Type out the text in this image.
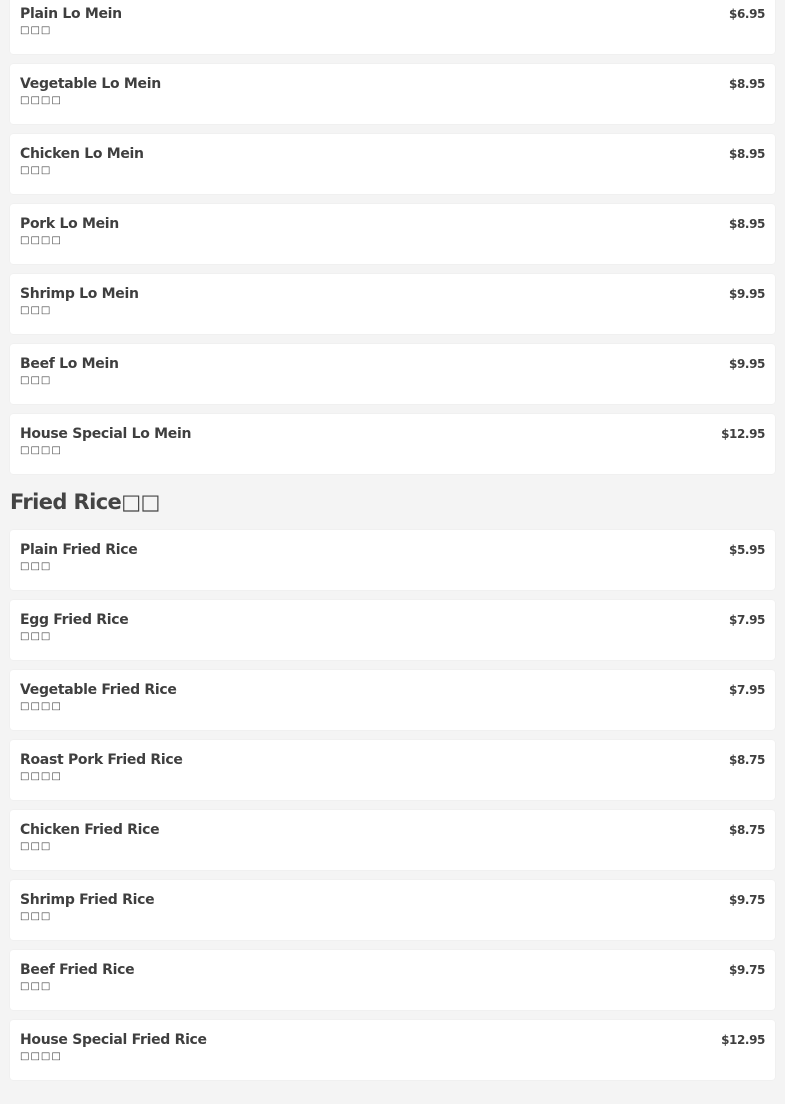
Plain Lo Mein
□□□
$6.95
Vegetable Lo Mein
□□□□
$8.95
Chicken Lo Mein
□□□
$8.95
Pork Lo Mein
□□□□
$8.95
Shrimp Lo Mein
□□□
$9.95
Beef Lo Mein
□□□
$9.95
House Special Lo Mein
□□□□
$12.95
Fried Rice□□
Plain Fried Rice
□□□
$5.95
Egg Fried Rice
□□□
$7.95
Vegetable Fried Rice
□□□□
$7.95
Roast Pork Fried Rice
□□□□
$8.75
Chicken Fried Rice
□□□
$8.75
Shrimp Fried Rice
□□□
$9.75
Beef Fried Rice
□□□
$9.75
House Special Fried Rice
□□□□
$12.95
